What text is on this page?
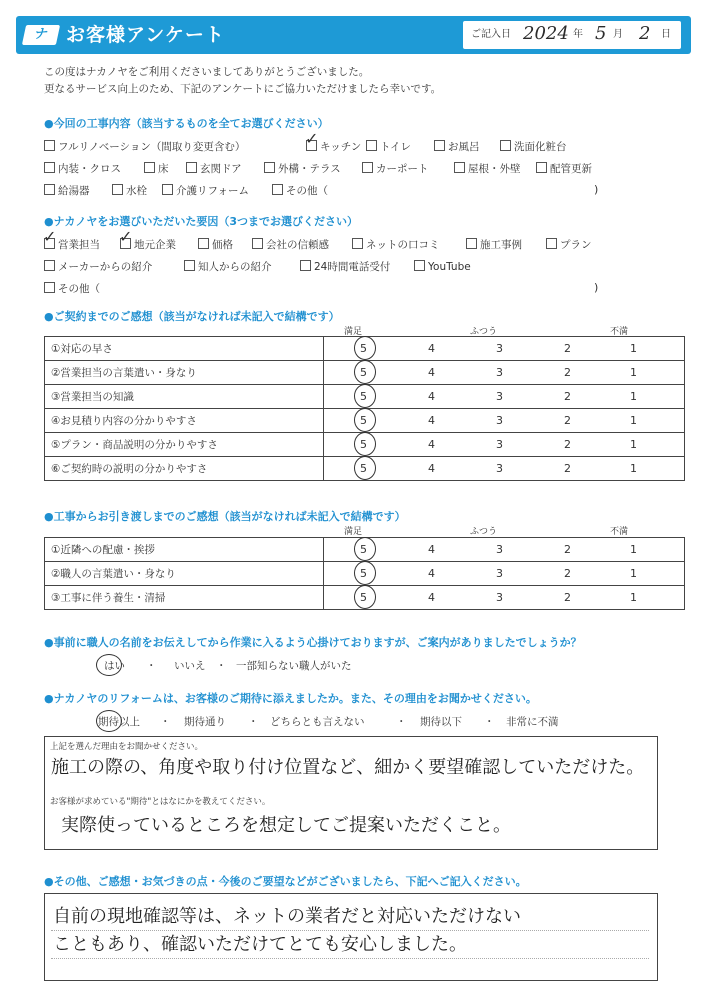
ナ お客様アンケート	ご記入日 2024 年 5 月 2 日
この度はナカノヤをご利用くださいましてありがとうございました。
更なるサービス向上のため、下記のアンケートにご協力いただけましたら幸いです。
●今回の工事内容（該当するものを全てお選びください）
フルリノベーション（間取り変更含む）	✓ キッチン	トイレ	お風呂	洗面化粧台
内装・クロス	床	玄関ドア	外構・テラス	カーポート	屋根・外壁	配管更新
給湯器	水栓	介護リフォーム	その他（	)
●ナカノヤをお選びいただいた要因（3つまでお選びください）
✓ 営業担当 ✓ 地元企業	価格	会社の信頼感	ネットの口コミ	施工事例	プラン
メーカーからの紹介	知人からの紹介	24時間電話受付	YouTube
その他（	)
●ご契約までのご感想（該当がなければ未記入で結構です）
満足	ふつう	不満
①対応の早さ	5 4 3 2 1

②営業担当の言葉遣い・身なり	5 4 3 2 1

③営業担当の知識	5 4 3 2 1

④お見積り内容の分かりやすさ	5 4 3 2 1

⑤プラン・商品説明の分かりやすさ	5 4 3 2 1

⑥ご契約時の説明の分かりやすさ	5 4 3 2 1
●工事からお引き渡しまでのご感想（該当がなければ未記入で結構です）
満足	ふつう	不満
①近隣への配慮・挨拶	5 4 3 2 1

②職人の言葉遣い・身なり	5 4 3 2 1

③工事に伴う養生・清掃	5 4 3 2 1
●事前に職人の名前をお伝えしてから作業に入るよう心掛けておりますが、ご案内がありましたでしょうか？
はい ・ いいえ ・ 一部知らない職人がいた
●ナカノヤのリフォームは、お客様のご期待に添えましたか。また、その理由をお聞かせください。
期待以上 ・ 期待通り ・ どちらとも言えない	・ 期待以下 ・ 非常に不満
上記を選んだ理由をお聞かせください。
施工の際の、角度や取り付け位置など、細かく要望確認していただけた。
お客様が求めている"期待"とはなにかを教えてください。
実際使っているところを想定してご提案いただくこと。
●その他、ご感想・お気づきの点・今後のご要望などがございましたら、下記へご記入ください。
自前の現地確認等は、ネットの業者だと対応いただけない
こともあり、確認いただけてとても安心しました。
